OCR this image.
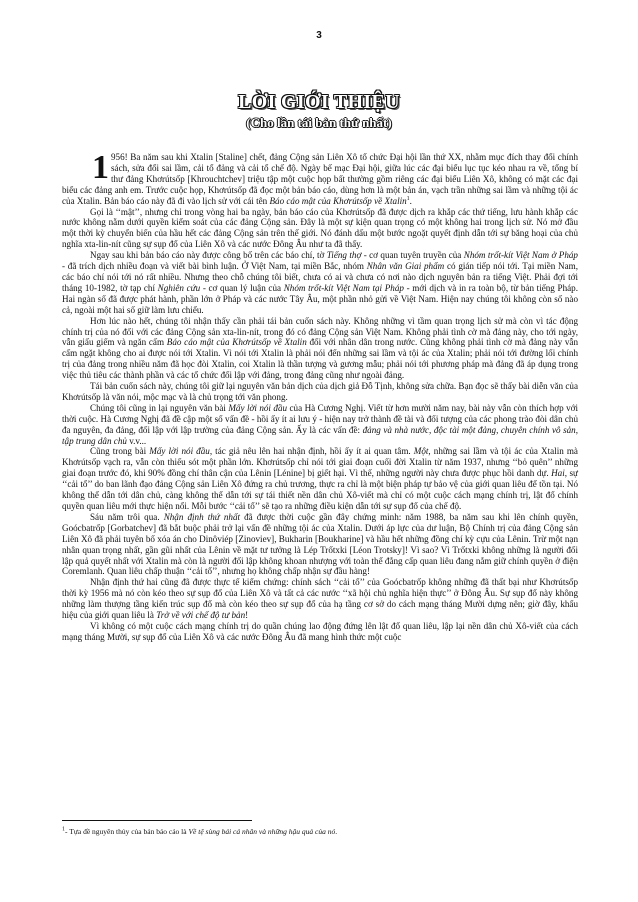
3
LỜI GIỚI THIỆU
(Cho lần tái bản thứ nhất)

1 956! Ba năm sau khi Xtalin [Staline] chết, đảng Cộng sản Liên Xô tổ chức Đại hội lần thứ XX, nhằm mục đích thay đổi chính sách, sửa đổi sai lầm, cải tổ đảng và cải tổ chế độ. Ngày bế mạc Đại hội, giữa lúc các đại biểu lục tục kéo nhau ra về, tổng bí thư đảng Khơrútsốp [Khrouchtchev] triệu tập một cuộc họp bất thường gồm riêng các đại biểu Liên Xô, không có mặt các đại biểu các đảng anh em. Trước cuộc họp, Khơrútsốp đã đọc một bản báo cáo, dùng hơn là một bản án, vạch trần những sai lầm và những tội ác của Xtalin. Bản báo cáo này đã đi vào lịch sử với cái tên Báo cáo mật của Khơrútsốp về Xtalin$^1$.

Gọi là ‘‘mật’’, nhưng chỉ trong vòng hai ba ngày, bản báo cáo của Khơrútsốp đã được dịch ra khắp các thứ tiếng, lưu hành khắp các nước không nằm dưới quyền kiểm soát của các đảng Cộng sản. Đây là một sự kiện quan trọng có một không hai trong lịch sử. Nó mở đầu một thời kỳ chuyển biến của hầu hết các đảng Cộng sản trên thế giới. Nó đánh dấu một bước ngoặt quyết định dẫn tới sự băng hoại của chủ nghĩa xta-lin-nít cũng sự sụp đổ của Liên Xô và các nước Đông Âu như ta đã thấy.

Ngay sau khi bản báo cáo này được công bố trên các báo chí, tờ Tiếng thợ - cơ quan tuyên truyền của Nhóm trốt-kít Việt Nam ở Pháp - đã trích dịch nhiều đoạn và viết bài bình luận. Ở Việt Nam, tại miền Bắc, nhóm Nhân văn Giai phẩm có gián tiếp nói tới. Tại miền Nam, các báo chí nói tới nó rất nhiều. Nhưng theo chỗ chúng tôi biết, chưa có ai và chưa có nơi nào dịch nguyên bản ra tiếng Việt. Phải đợi tới tháng 10-1982, tờ tạp chí Nghiên cứu - cơ quan lý luận của Nhóm trốt-kít Việt Nam tại Pháp - mới dịch và in ra toàn bộ, từ bản tiếng Pháp. Hai ngàn số đã được phát hành, phần lớn ở Pháp và các nước Tây Âu, một phần nhỏ gửi về Việt Nam. Hiện nay chúng tôi không còn số nào cả, ngoài một hai số giữ làm lưu chiểu.

Hơn lúc nào hết, chúng tôi nhận thấy cần phải tái bản cuốn sách này. Không những vì tầm quan trọng lịch sử mà còn vì tác động chính trị của nó đối với các đảng Cộng sản xta-lin-nít, trong đó có đảng Cộng sản Việt Nam. Không phải tình cờ mà đảng này, cho tới ngày, vẫn giấu giếm và ngăn cấm Báo cáo mật của Khơrútsốp về Xtalin đối với nhân dân trong nước. Cũng không phải tình cờ mà đảng này vẫn cấm ngặt không cho ai được nói tới Xtalin. Vì nói tới Xtalin là phải nói đến những sai lầm và tội ác của Xtalin; phải nói tới đường lối chính trị của đảng trong nhiều năm đã học đòi Xtalin, coi Xtalin là thần tượng và gương mẫu; phải nói tới phương pháp mà đảng đã áp dụng trong việc thủ tiêu các thành phần và các tổ chức đối lập với đảng, trong đảng cũng như ngoài đảng.

Tái bản cuốn sách này, chúng tôi giữ lại nguyên văn bản dịch của dịch giả Đỗ Tịnh, không sửa chữa. Bạn đọc sẽ thấy bài diễn văn của Khơrútsốp là văn nói, mộc mạc và là chủ trọng tới văn phong.

Chúng tôi cũng in lại nguyên văn bài Mấy lời nói đầu của Hà Cương Nghị. Viết từ hơn mười năm nay, bài này vẫn còn thích hợp với thời cuộc. Hà Cương Nghị đã đề cập một số vấn đề - hồi ấy ít ai lưu ý - hiện nay trở thành đề tài và đối tượng của các phong trào đòi dân chủ đa nguyên, đa đảng, đối lập với lập trường của đảng Cộng sản. Ấy là các vấn đề: đảng và nhà nước, độc tài một đảng, chuyên chính vô sản, tập trung dân chủ v.v...

Cũng trong bài Mấy lời nói đầu, tác giả nêu lên hai nhận định, hồi ấy ít ai quan tâm. Một, những sai lầm và tội ác của Xtalin mà Khơrútsốp vạch ra, vẫn còn thiếu sót một phần lớn. Khơrútsốp chỉ nói tới giai đoạn cuối đời Xtalin từ năm 1937, nhưng ‘‘bỏ quên’’ những giai đoạn trước đó, khi 90% đồng chí thân cận của Lênin [Lénine] bị giết hại. Vì thế, những người này chưa được phục hồi danh dự. Hai, sự ‘‘cải tổ’’ do ban lãnh đạo đảng Cộng sản Liên Xô đứng ra chủ trương, thực ra chỉ là một biện pháp tự bảo vệ của giới quan liêu để tồn tại. Nó không thể dẫn tới dân chủ, càng không thể dẫn tới sự tái thiết nền dân chủ Xô-viết mà chỉ có một cuộc cách mạng chính trị, lật đổ chính quyền quan liêu mới thực hiện nổi. Mỗi bước ‘‘cải tổ’’ sẽ tạo ra những điều kiện dẫn tới sự sụp đổ của chế độ.

Sáu năm trôi qua. Nhận định thứ nhất đã được thời cuộc gần đây chứng minh: năm 1988, ba năm sau khi lên chính quyền, Goócbatrốp [Gorbatchev] đã bắt buộc phải trở lại vấn đề những tội ác của Xtalin. Dưới áp lực của dư luận, Bộ Chính trị của đảng Cộng sản Liên Xô đã phải tuyên bố xóa án cho Dinôviép [Zinoviev], Bukharin [Boukharine] và hầu hết những đồng chí kỳ cựu của Lênin. Trừ một nạn nhân quan trọng nhất, gần gũi nhất của Lênin về mặt tư tưởng là Lép Trốtxki [Léon Trotsky]! Vì sao? Vì Trốtxki không những là người đối lập quả quyết nhất với Xtalin mà còn là người đối lập không khoan nhượng với toàn thể đẳng cấp quan liêu đang nắm giữ chính quyền ở điện Coremlanh. Quan liêu chấp thuận ‘‘cải tổ’’, nhưng họ không chấp nhận sự đầu hàng!

Nhận định thứ hai cũng đã được thực tế kiểm chứng: chính sách ‘‘cải tổ’’ của Goócbatrốp không những đã thất bại như Khơrútsốp thời kỳ 1956 mà nó còn kéo theo sự sụp đổ của Liên Xô và tất cả các nước ‘‘xã hội chủ nghĩa hiện thực’’ ở Đông Âu. Sự sụp đổ này không những làm thượng tầng kiến trúc sụp đổ mà còn kéo theo sự sụp đổ của hạ tầng cơ sở do cách mạng tháng Mười dựng nên; giờ đây, khẩu hiệu của giới quan liêu là Trở về với chế độ tư bản!

Vì không có một cuộc cách mạng chính trị do quần chúng lao động đứng lên lật đổ quan liêu, lập lại nền dân chủ Xô-viết của cách mạng tháng Mười, sự sụp đổ của Liên Xô và các nước Đông Âu đã mang hình thức một cuộc

$^1$- Tựa đề nguyên thủy của bản báo cáo là Về tệ sùng bái cá nhân và những hậu quả của nó.
